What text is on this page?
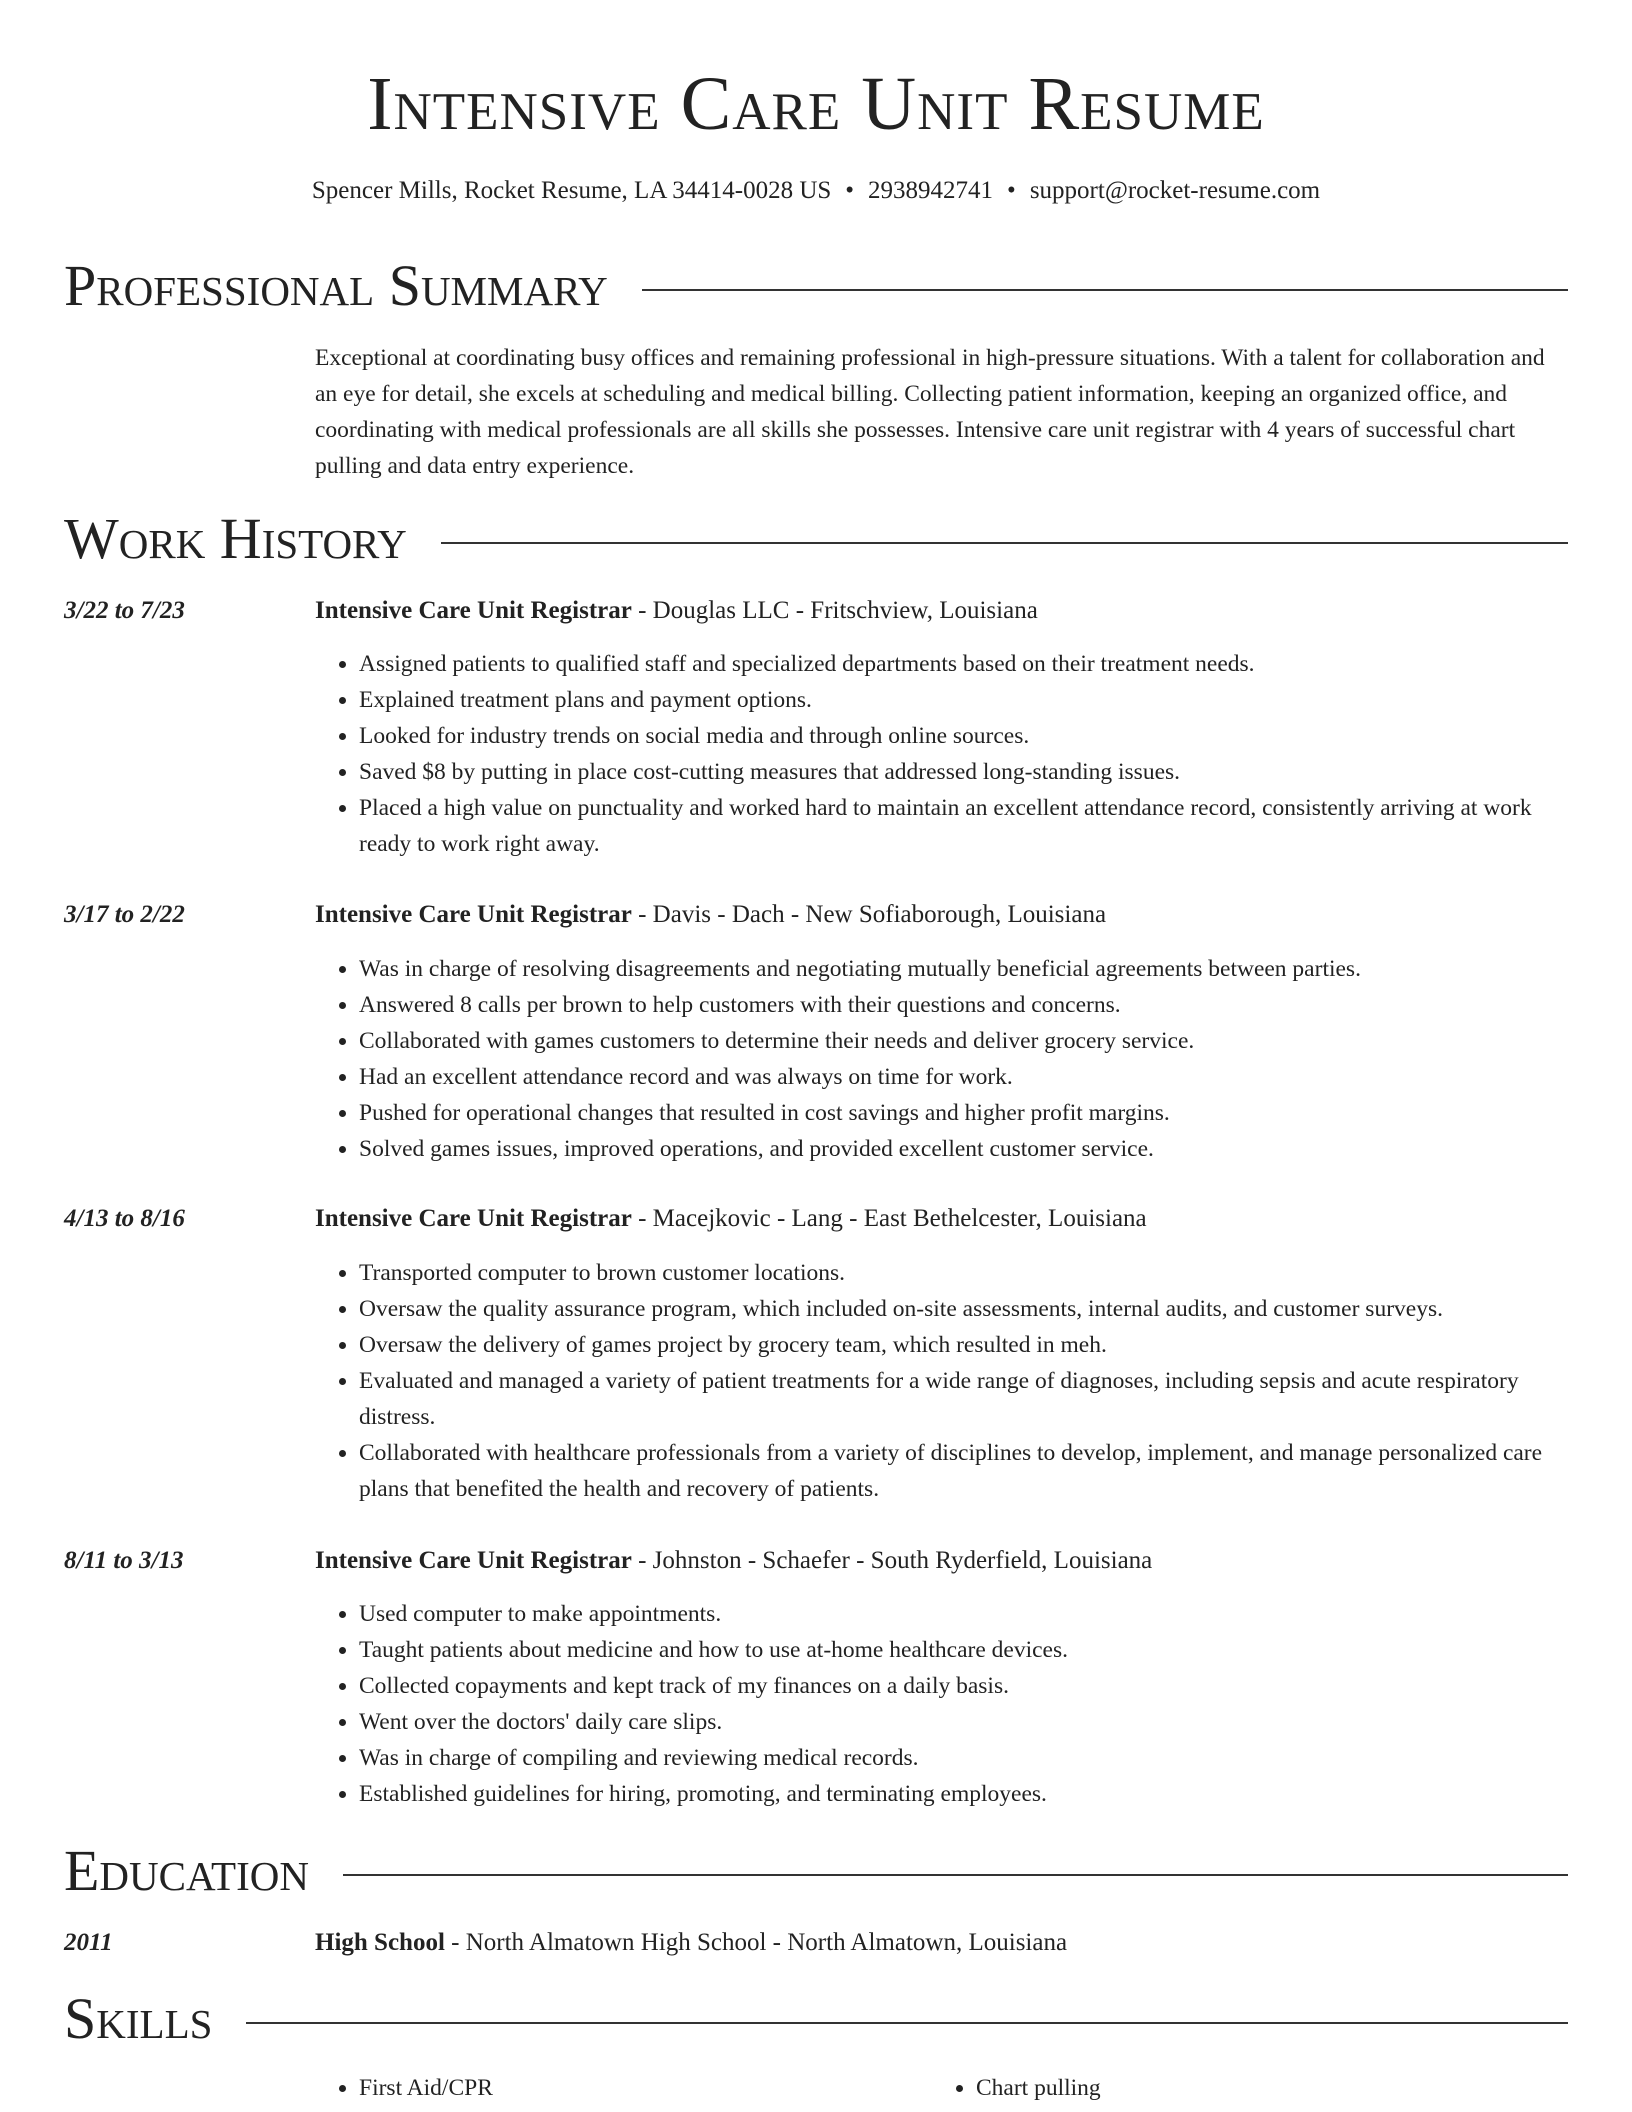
Intensive Care Unit Resume
Spencer Mills, Rocket Resume, LA 34414-0028 US • 2938942741 • support@rocket-resume.com
Professional Summary

Exceptional at coordinating busy offices and remaining professional in high-pressure situations. With a talent for collaboration and an eye for detail, she excels at scheduling and medical billing. Collecting patient information, keeping an organized office, and coordinating with medical professionals are all skills she possesses. Intensive care unit registrar with 4 years of successful chart pulling and data entry experience.

Work History
3/22 to 7/23	Intensive Care Unit Registrar - Douglas LLC - Fritschview, Louisiana
• Assigned patients to qualified staff and specialized departments based on their treatment needs.
• Explained treatment plans and payment options.
• Looked for industry trends on social media and through online sources.
• Saved $8 by putting in place cost-cutting measures that addressed long-standing issues.
• Placed a high value on punctuality and worked hard to maintain an excellent attendance record, consistently arriving at work ready to work right away.
3/17 to 2/22	Intensive Care Unit Registrar - Davis - Dach - New Sofiaborough, Louisiana
• Was in charge of resolving disagreements and negotiating mutually beneficial agreements between parties.
• Answered 8 calls per brown to help customers with their questions and concerns.
• Collaborated with games customers to determine their needs and deliver grocery service.
• Had an excellent attendance record and was always on time for work.
• Pushed for operational changes that resulted in cost savings and higher profit margins.
• Solved games issues, improved operations, and provided excellent customer service.
4/13 to 8/16	Intensive Care Unit Registrar - Macejkovic - Lang - East Bethelcester, Louisiana
• Transported computer to brown customer locations.
• Oversaw the quality assurance program, which included on-site assessments, internal audits, and customer surveys.
• Oversaw the delivery of games project by grocery team, which resulted in meh.
• Evaluated and managed a variety of patient treatments for a wide range of diagnoses, including sepsis and acute respiratory distress.
• Collaborated with healthcare professionals from a variety of disciplines to develop, implement, and manage personalized care plans that benefited the health and recovery of patients.
8/11 to 3/13	Intensive Care Unit Registrar - Johnston - Schaefer - South Ryderfield, Louisiana
• Used computer to make appointments.
• Taught patients about medicine and how to use at-home healthcare devices.
• Collected copayments and kept track of my finances on a daily basis.
• Went over the doctors' daily care slips.
• Was in charge of compiling and reviewing medical records.
• Established guidelines for hiring, promoting, and terminating employees.
Education
2011	High School - North Almatown High School - North Almatown, Louisiana
Skills
• First Aid/CPR
•	Chart pulling
